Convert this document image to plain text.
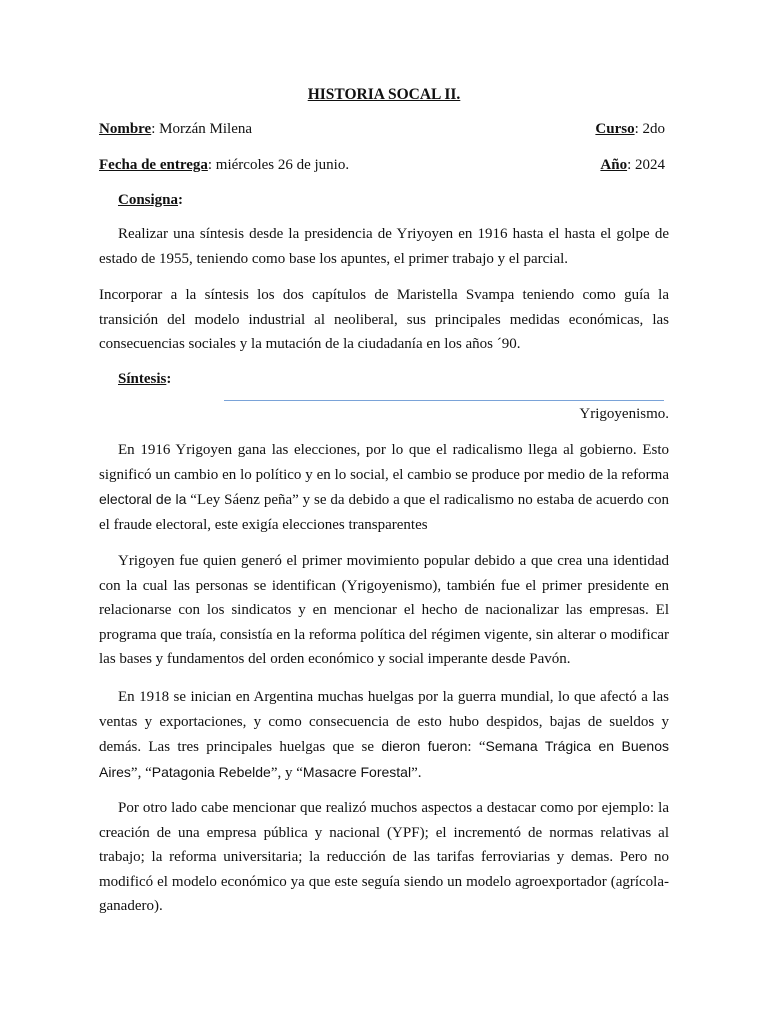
HISTORIA SOCAL II.
Nombre: Morzán Milena	Curso: 2do
Fecha de entrega: miércoles 26 de junio.	Año: 2024
Consigna:

Realizar una síntesis desde la presidencia de Yriyoyen en 1916 hasta el hasta el golpe de estado de 1955, teniendo como base los apuntes, el primer trabajo y el parcial.

Incorporar a la síntesis los dos capítulos de Maristella Svampa teniendo como guía la transición del modelo industrial al neoliberal, sus principales medidas económicas, las consecuencias sociales y la mutación de la ciudadanía en los años ´90.

Síntesis:
Yrigoyenismo.

En 1916 Yrigoyen gana las elecciones, por lo que el radicalismo llega al gobierno. Esto significó un cambio en lo político y en lo social, el cambio se produce por medio de la reforma electoral de la “Ley Sáenz peña” y se da debido a que el radicalismo no estaba de acuerdo con el fraude electoral, este exigía elecciones transparentes

Yrigoyen fue quien generó el primer movimiento popular debido a que crea una identidad con la cual las personas se identifican (Yrigoyenismo), también fue el primer presidente en relacionarse con los sindicatos y en mencionar el hecho de nacionalizar las empresas. El programa que traía, consistía en la reforma política del régimen vigente, sin alterar o modificar las bases y fundamentos del orden económico y social imperante desde Pavón.

En 1918 se inician en Argentina muchas huelgas por la guerra mundial, lo que afectó a las ventas y exportaciones, y como consecuencia de esto hubo despidos, bajas de sueldos y demás. Las tres principales huelgas que se dieron fueron: “Semana Trágica en Buenos Aires”, “Patagonia Rebelde”, y “Masacre Forestal”.

Por otro lado cabe mencionar que realizó muchos aspectos a destacar como por ejemplo: la creación de una empresa pública y nacional (YPF); el incrementó de normas relativas al trabajo; la reforma universitaria; la reducción de las tarifas ferroviarias y demas. Pero no modificó el modelo económico ya que este seguía siendo un modelo agroexportador (agrícola- ganadero).
